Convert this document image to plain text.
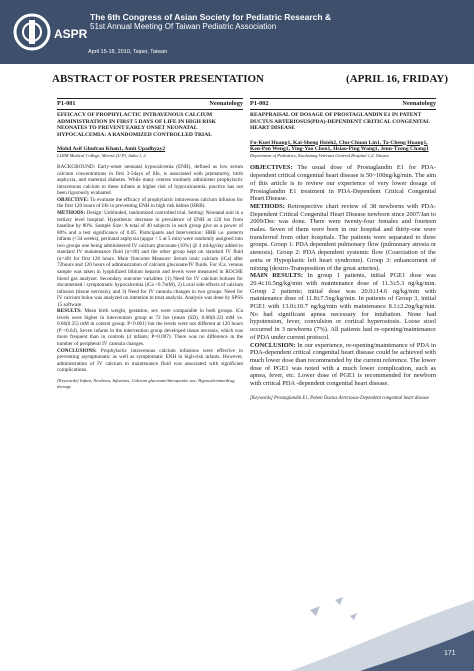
ASPR
The 6th Congress of Asian Society for Pediatric Research &
51st Annual Meeting Of Taiwan Pediatric Association
April 15-18, 2010, Taipei, Taiwan
ABSTRACT OF POSTER PRESENTATION	(APRIL 16, FRIDAY)
P1-001	Neonatology
EFFICACY OF PROPHYLACTIC INTRAVENOUS CALCIUM ADMINISTRATION IN FIRST 5 DAYS OF LIFE IN HIGH RISK NEONATES TO PREVENT EARLY ONSET NEONATAL HYPOCALCEMIA: A RANDOMIZED CONTROLLED TRIAL
Mohd Asif Ghufran Khan1, Amit Upadhyay2
LLRM Medical College, Meerut (U.P), India 1, 2

BACKGROUND: Early-onset neonatal hypocalcemia (ENH), defined as low serum calcium concentrations in first 3-5days of life, is associated with prematurity, birth asphyxia, and maternal diabetes. While many centres routinely administer prophylactic intravenous calcium to these infants at higher risk of hypocalcaemia, practice has not been rigorously evaluated.

OBJECTIVE: To evaluate the efficacy of prophylactic intravenous calcium infusion for the first 120 hours of life in preventing ENH in high risk babies (HRB).

METHODS: Design: Unblinded, randomized controlled trial. Setting: Neonatal unit in a tertiary level hospital. Hypothesis: decrease in prevalence of ENH at 120 hrs from baseline by 80%. Sample Size: A total of 40 subjects in each group give us a power of 80% and a test significance of 0.05. Participants and Intervention: HRB i.e. preterm infants (<34 weeks), perinatal asphyxia (apgar < 5 at 5 min) were randomly assigned into two groups one being administered IV calcium gluconate (10%) @ 4 ml/kg/day added to standard IV maintenance fluid (n=40) and the other group kept on standard IV fluid (n=40) for first 120 hours. Main Outcome Measure: Serum ionic calcium (iCa) after 72hours and 120 hours of administration of calcium gluconate/IV fluids. For iCa, venous sample was taken in lyophilized lithium heparin and levels were measured in ROCHE blood gas analyzer. Secondary outcome variables: (1) Need for IV calcium boluses for documented / symptomatic hypocalcemia (iCa <0.7mM), 2) Local side effects of calcium infusion (tissue necrosis), and 3) Need for IV cannula changes in two groups. Need for IV calcium bolus was analyzed on intention to treat analysis. Analysis was done by SPSS 15 software.

RESULTS: Mean birth weight, gestation, sex were comparable in both groups. iCa levels were higher in intervention group at 72 hrs (mean (SD), 0.88(0.22) mM vs. 0.66(0.25) mM in control group; P<0.001) but the levels were not different at 120 hours (P =0.64). Seven infants in the intervention group developed tissue necrosis, which was more frequent than in controls (4 infants; P=0.007). There was no difference in the number of peripheral IV cannula changes.

CONCLUSIONS: Prophylactic intravenous calcium infusions were effective in preventing asymptomatic as well as symptomatic ENH in high-risk infants. However, administration of IV calcium in maintenance fluid was associated with significant complications.

[Keywords] Infant, Newborn, Infusions, Calcium gluconate/therapeutic use, Hypocalcemia/drug therapy
P1-002	Neonatology
REAPPRAISAL OF DOSAGE OF PROSTAGLANDIN E1 IN PATENT DUCTUS ARTERIOSUS(PDA)-DEPENDENT CRITICAL CONGENITAL HEART DISEASE
Fu-Kuei Huang1, Kai-Sheng Hsieh2, Chu-Chuan Lin1, Ta-Cheng Huang1, Ken-Pen Weng1, Ying-Yao Chen1, Hsiao-Ping Wang1, Jenn-Tzong Chang1
Department of Pediatrics, Kaohsiung Veterans General Hospital 1,2, Taiwan

OBJECTIVES: The usual dose of Prostaglandin E1 for PDA-dependent critical congenital heart disease is 50~100ng/kg/min. The aim of this article is to review our experience of very lower dosage of Prostaglandin E1 treatment in PDA-Dependent Critical Congenital Heart Disease.

METHODS: Retrospective chart review of 38 newborns with PDA-Dependent Critical Congenital Heart Disease newborn since 2007/Jan to 2009/Dec was done. There were twenty-four females and fourteen males. Seven of them were born in our hospital and thirty-one were transferred from other hospitals. The patients were separated to three groups. Group 1: PDA dependent pulmonary flow (pulmonary atresia or stenosis). Group 2: PDA dependent systemic flow (Coarctation of the aorta or Hypoplastic left heart syndrome). Group 3: enhancement of mixing (dextro-Transposition of the great arteries).

MAIN RESULTS: In group 1 patients, initial PGE1 dose was 20.4±16.5ng/kg/min with maintenance dose of 11.3±5.3 ng/kg/min. Group 2 patients; initial dose was 20.0±14.6 ng/kg/min with maintenance dose of 11.8±7.5ng/kg/min. In patients of Group 3, initial PGE1 with 13.0±10.7 ng/kg/min with maintenance 8.1±2.2ng/kg/min. No had significant apnea necessary for intubation. None had hypotension, fever, convulsion or cortical hyperostosis. Loose stool occurred in 3 newborns (7%). All patients had re-opening/maintenance of PDA under current protocol.

CONCLUSION: In our experience, re-opening/maintenance of PDA in PDA-dependent critical congenital heart disease could be achieved with much lower dose than recommended by the current reference. The lower dose of PGE1 was noted with a much lower complication, such as apnea, fever, etc. Lower dose of PGE1 is recommended for newborn with critical PDA -dependent congenital heart disease.

[Keywords] Prostaglandin E1, Patent Ductus Arteriosus-Dependent congenital heart disease
171
